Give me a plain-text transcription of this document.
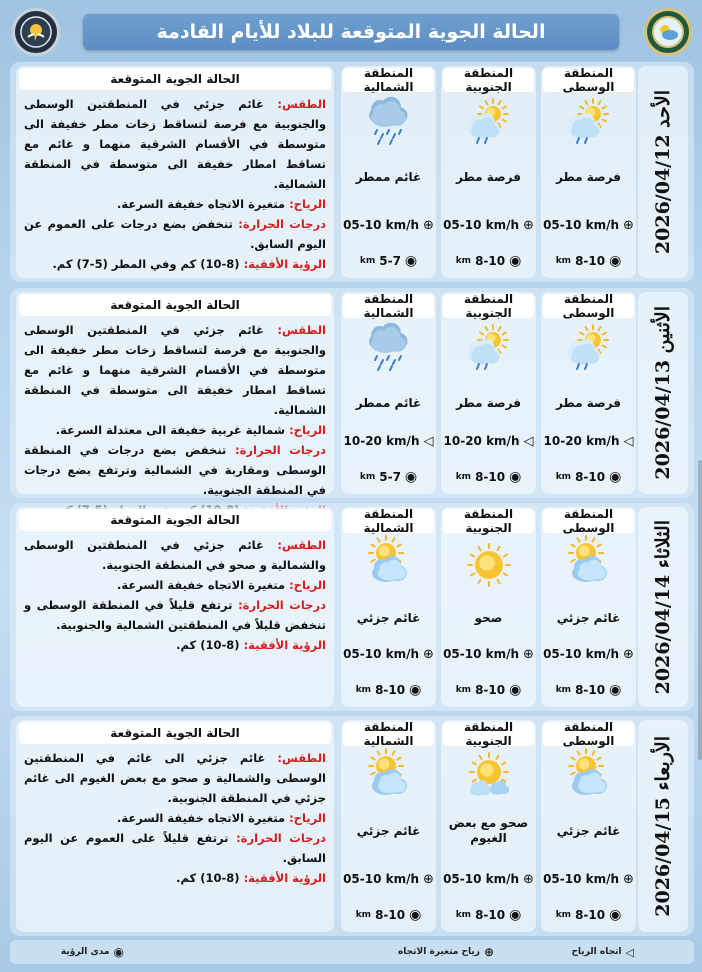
الحالة الجوية المتوقعة للبلاد للأيام القادمة
الأحد 2026/04/12
المنطقة الوسطى
فرصة مطر
05-10 km/h ⊕
km 8-10 ◉
المنطقة الجنوبية
فرصة مطر
05-10 km/h ⊕
km 8-10 ◉
المنطقة الشمالية
غائم ممطر
05-10 km/h ⊕
km 5-7 ◉
الحالة الجوية المتوقعة

الطقس: غائم جزئي في المنطقتين الوسطى والجنوبية مع فرصة لتساقط زخات مطر خفيفة الى متوسطة في الأقسام الشرقية منهما و غائم مع تساقط امطار خفيفة الى متوسطة في المنطقة الشمالية.

الرياح: متغيرة الاتجاه خفيفة السرعة.

درجات الحرارة: تنخفض بضع درجات على العموم عن اليوم السابق.

الرؤية الأفقية: (8-10) كم وفي المطر (5-7) كم.

الأثنين 2026/04/13
المنطقة الوسطى
فرصة مطر
10-20 km/h ◁
km 8-10 ◉
المنطقة الجنوبية
فرصة مطر
10-20 km/h ◁
km 8-10 ◉
المنطقة الشمالية
غائم ممطر
10-20 km/h ◁
km 5-7 ◉
الحالة الجوية المتوقعة

الطقس: غائم جزئي في المنطقتين الوسطى والجنوبية مع فرصة لتساقط زخات مطر خفيفة الى متوسطة في الأقسام الشرقية منهما و غائم مع تساقط امطار خفيفة الى متوسطة في المنطقة الشمالية.

الرياح: شمالية غربية خفيفة الى معتدلة السرعة.

درجات الحرارة: تنخفض بضع درجات في المنطقة الوسطى ومقاربة في الشمالية وترتفع بضع درجات في المنطقة الجنوبية.

الثلاثاء 2026/04/14
المنطقة الوسطى
غائم جزئي
05-10 km/h ⊕
km 8-10 ◉
المنطقة الجنوبية
صحو
05-10 km/h ⊕
km 8-10 ◉
المنطقة الشمالية
غائم جزئي
05-10 km/h ⊕
km 8-10 ◉
الحالة الجوية المتوقعة

الطقس: غائم جزئي في المنطقتين الوسطى والشمالية و صحو في المنطقة الجنوبية.

الرياح: متغيرة الاتجاه خفيفة السرعة.

درجات الحرارة: ترتفع قليلاً في المنطقة الوسطى و تنخفض قليلاً في المنطقتين الشمالية والجنوبية.

الرؤية الأفقية: (8-10) كم.

الأربعاء 2026/04/15
المنطقة الوسطى
غائم جزئي
05-10 km/h ⊕
km 8-10 ◉
المنطقة الجنوبية
صحو مع بعض الغيوم
05-10 km/h ⊕
km 8-10 ◉
المنطقة الشمالية
غائم جزئي
05-10 km/h ⊕
km 8-10 ◉
الحالة الجوية المتوقعة

الطقس: غائم جزئي الى غائم في المنطقتين الوسطى والشمالية و صحو مع بعض الغيوم الى غائم جزئي في المنطقة الجنوبية.

الرياح: متغيرة الاتجاه خفيفة السرعة.

درجات الحرارة: ترتفع قليلاً على العموم عن اليوم السابق.

الرؤية الأفقية: (8-10) كم.

◁
اتجاه الرياح
⊕
رياح متغيرة الاتجاه
◉
مدى الرؤية
